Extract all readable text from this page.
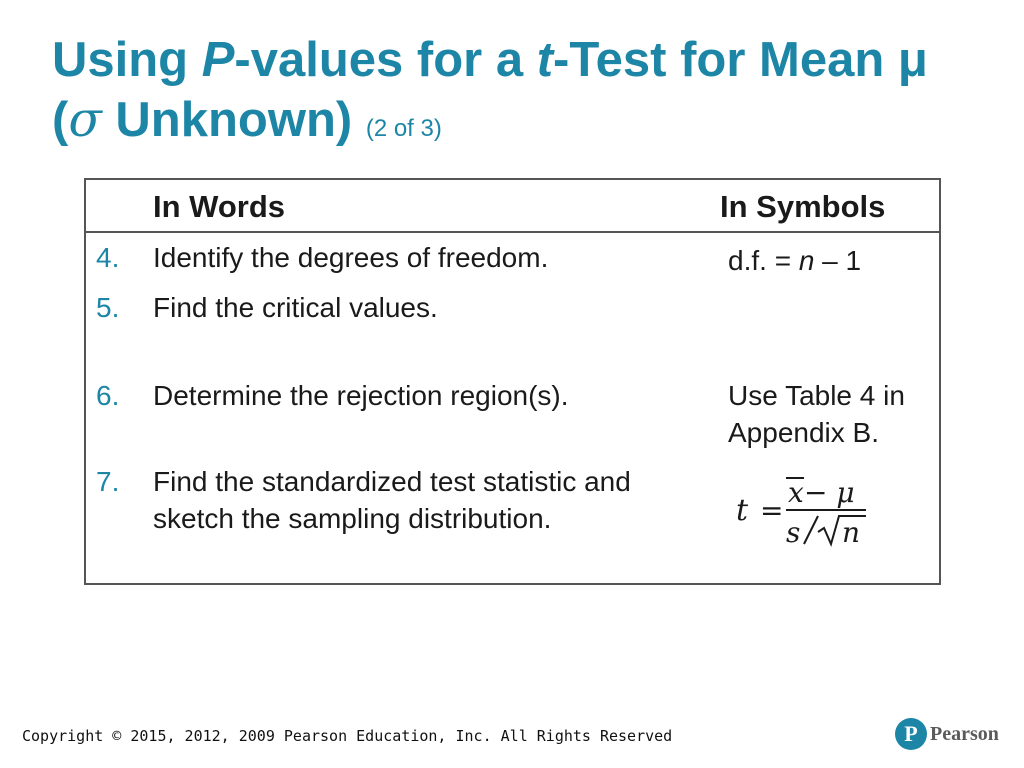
Using P-values for a t-Test for Mean μ
(σ Unknown) (2 of 3)
In Words	In Symbols
4. Identify the degrees of freedom.	d.f. = n – 1
5. Find the critical values.
6. Determine the rejection region(s).	Use Table 4 in Appendix B.
7. Find the standardized test statistic and sketch the sampling distribution.	t =
x − μ
s n
Copyright © 2015, 2012, 2009 Pearson Education, Inc. All Rights Reserved	P Pearson
